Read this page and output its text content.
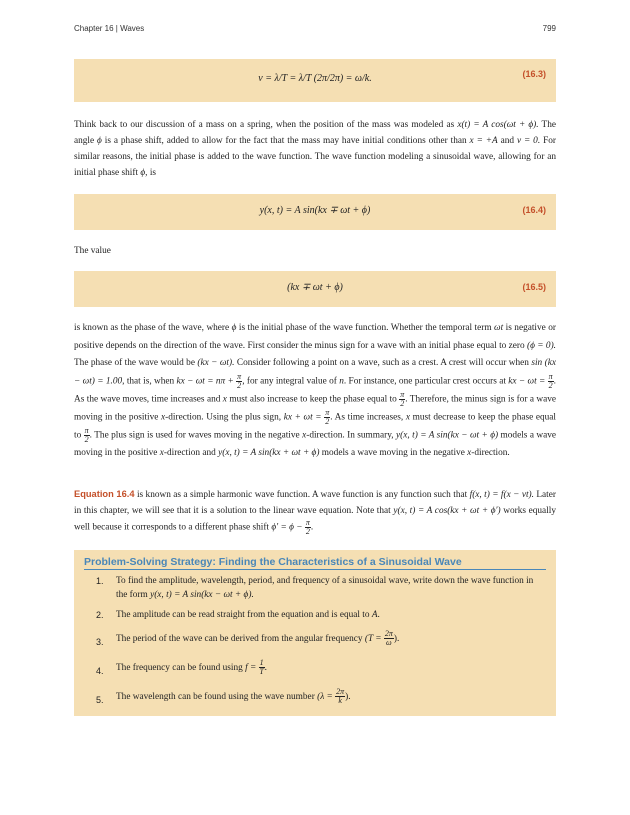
Chapter 16 | Waves	799
v = λ/T = λ/T (2π/2π) = ω/k.	(16.3)
Think back to our discussion of a mass on a spring, when the position of the mass was modeled as x(t) = A cos(ωt + ϕ). The angle ϕ is a phase shift, added to allow for the fact that the mass may have initial conditions other than x = +A and v = 0. For similar reasons, the initial phase is added to the wave function. The wave function modeling a sinusoidal wave, allowing for an initial phase shift ϕ, is
y(x, t) = A sin(kx ∓ ωt + ϕ)	(16.4)
The value
(kx ∓ ωt + ϕ)	(16.5)
is known as the phase of the wave, where ϕ is the initial phase of the wave function. Whether the temporal term ωt is negative or positive depends on the direction of the wave. First consider the minus sign for a wave with an initial phase equal to zero (ϕ = 0). The phase of the wave would be (kx − ωt). Consider following a point on a wave, such as a crest. A crest will occur when sin (kx − ωt) = 1.00, that is, when kx − $\omega t = n\pi + \frac{\pi}{2}$ , for any integral value of n. For instance, one particular crest occurs at kx − $\omega t = \frac{\pi}{2}$ . As the wave moves, time increases and x must also increase to keep the phase equal to $\frac{\pi}{2}$ . Therefore, the minus sign is for a wave moving in the positive x-direction. Using the plus sign, kx + $\omega t = \frac{\pi}{2}$ . As time increases, x must decrease to keep the phase equal to $\frac{\pi}{2}$ . The plus sign is used for waves moving in the negative x-direction. In summary, y(x, t) = A sin(kx − ωt + ϕ) models a wave moving in the positive x-direction and y(x, t) = A sin(kx + ωt + ϕ) models a wave moving in the negative x-direction.
Equation 16.4 is known as a simple harmonic wave function. A wave function is any function such that f(x, t) = f(x − vt). Later in this chapter, we will see that it is a solution to the linear wave equation. Note that y(x, t) = A cos(kx + ωt + ϕ′) works equally well because it corresponds to a different phase shift $\phi' = \phi - \frac{\pi}{2}$ .
Problem-Solving Strategy: Finding the Characteristics of a Sinusoidal Wave
1. To find the amplitude, wavelength, period, and frequency of a sinusoidal wave, write down the wave function in the form y(x, t) = A sin(kx − ωt + ϕ).
2. The amplitude can be read straight from the equation and is equal to A.
3. The period of the wave can be derived from the angular frequency ($T = \frac{2\pi}{\omega}$ ).
4. The frequency can be found using $f = \frac{1}{T}$ .
5. The wavelength can be found using the wave number ($\lambda = \frac{2\pi}{k}$ ).
